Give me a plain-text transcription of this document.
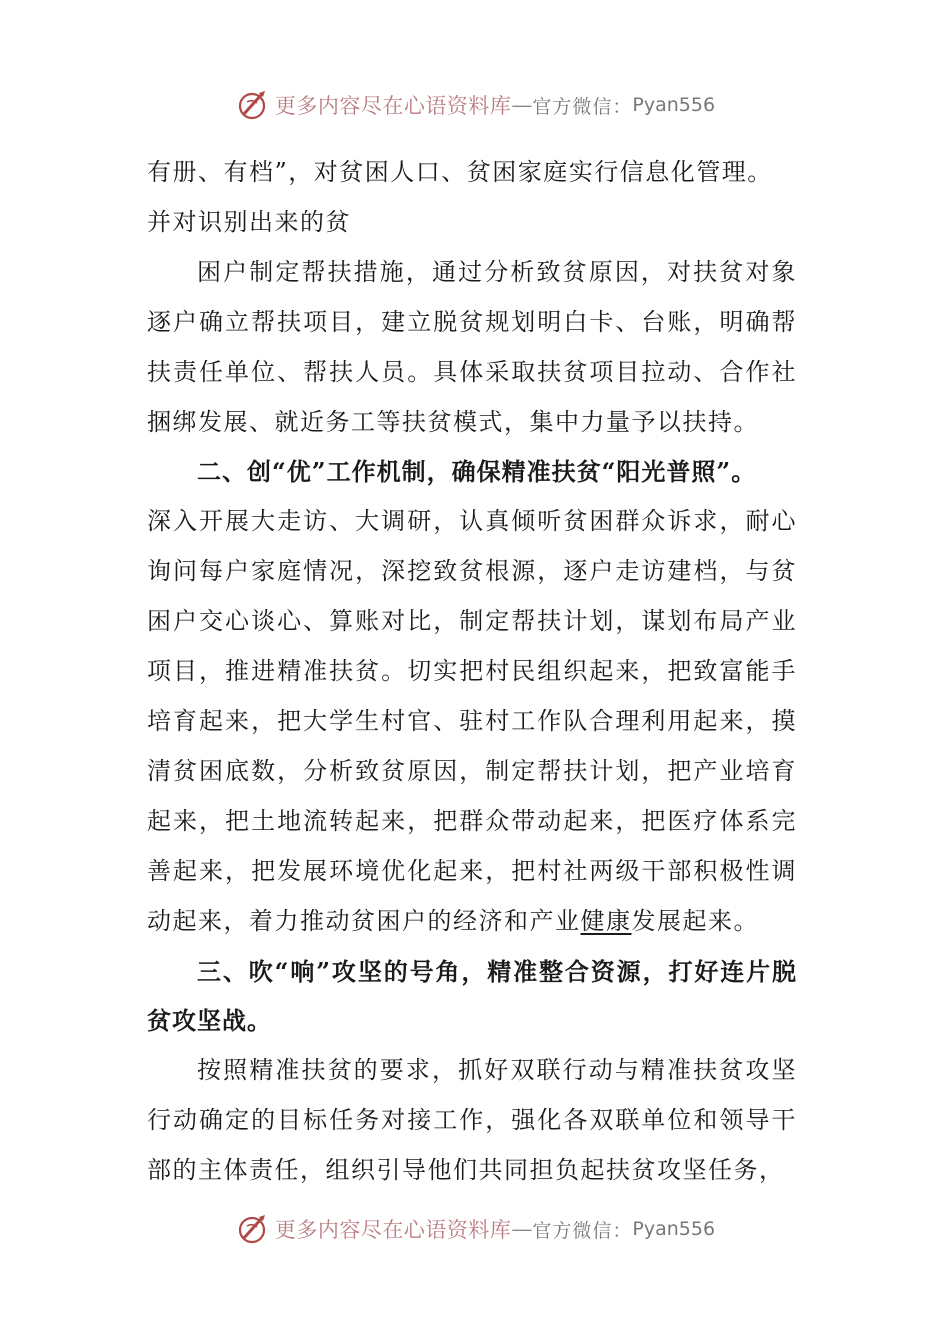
更多内容尽在心语资料库 — 官方微信： Pyan556

有册、有档”，对贫困人口、贫困家庭实行信息化管理。
并对识别出来的贫

困户制定帮扶措施，通过分析致贫原因，对扶贫对象逐户确立帮扶项目，建立脱贫规划明白卡、台账，明确帮扶责任单位、帮扶人员。具体采取扶贫项目拉动、合作社捆绑发展、就近务工等扶贫模式，集中力量予以扶持。

二、创“优”工作机制，确保精准扶贫“阳光普照”。

深入开展大走访、大调研，认真倾听贫困群众诉求，耐心询问每户家庭情况，深挖致贫根源，逐户走访建档，与贫困户交心谈心、算账对比，制定帮扶计划，谋划布局产业项目，推进精准扶贫。切实把村民组织起来，把致富能手培育起来，把大学生村官、驻村工作队合理利用起来，摸清贫困底数，分析致贫原因，制定帮扶计划，把产业培育起来，把土地流转起来，把群众带动起来，把医疗体系完善起来，把发展环境优化起来，把村社两级干部积极性调动起来，着力推动贫困户的经济和产业健康发展起来。

三、吹“响”攻坚的号角，精准整合资源，打好连片脱贫攻坚战。

按照精准扶贫的要求，抓好双联行动与精准扶贫攻坚行动确定的目标任务对接工作，强化各双联单位和领导干部的主体责任，组织引导他们共同担负起扶贫攻坚任务，

更多内容尽在心语资料库 — 官方微信： Pyan556
